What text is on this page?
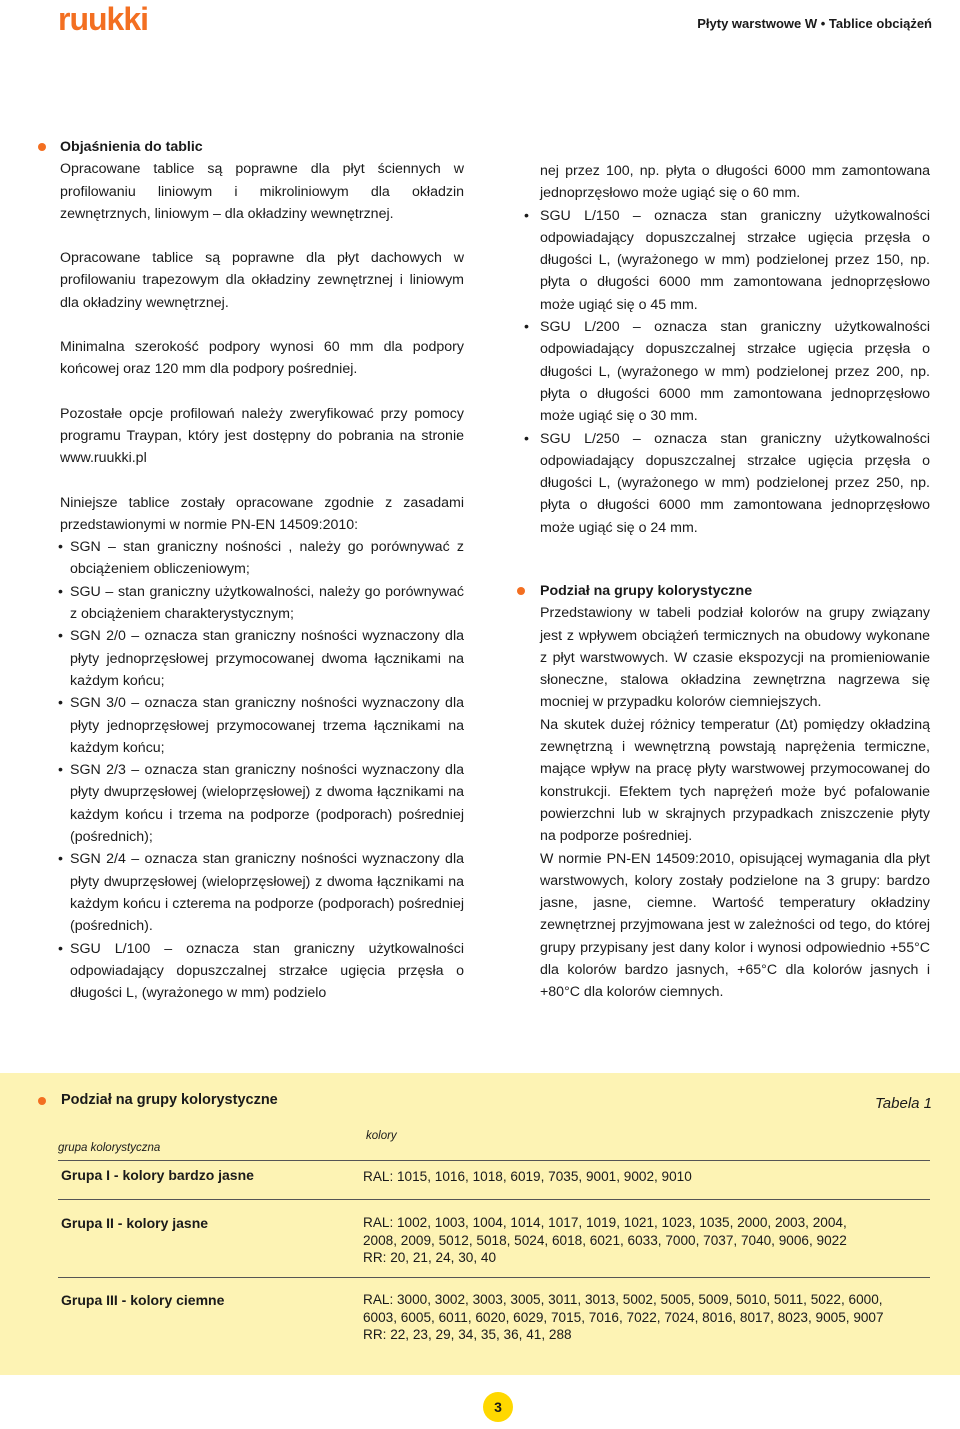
ruukki	Płyty warstwowe W • Tablice obciążeń

Objaśnienia do tablic

Opracowane tablice są poprawne dla płyt ściennych w profilowaniu liniowym i mikroliniowym dla okładzin zewnętrznych, liniowym – dla okładziny wewnętrznej.

Opracowane tablice są poprawne dla płyt dachowych w profilowaniu trapezowym dla okładziny zewnętrznej i liniowym dla okładziny wewnętrznej.

Minimalna szerokość podpory wynosi 60 mm dla podpory końcowej oraz 120 mm dla podpory pośredniej.

Pozostałe opcje profilowań należy zweryfikować przy pomocy programu Traypan, który jest dostępny do pobrania na stronie www.ruukki.pl

Niniejsze tablice zostały opracowane zgodnie z zasadami przedstawionymi w normie PN-EN 14509:2010:

• SGN – stan graniczny nośności , należy go porównywać z obciążeniem obliczeniowym;

• SGU – stan graniczny użytkowalności, należy go porównywać z obciążeniem charakterystycznym;

• SGN 2/0 – oznacza stan graniczny nośności wyznaczony dla płyty jednoprzęsłowej przymocowanej dwoma łącznikami na każdym końcu;

• SGN 3/0 – oznacza stan graniczny nośności wyznaczony dla płyty jednoprzęsłowej przymocowanej trzema łącznikami na każdym końcu;

• SGN 2/3 – oznacza stan graniczny nośności wyznaczony dla płyty dwuprzęsłowej (wieloprzęsłowej) z dwoma łącznikami na każdym końcu i trzema na podporze (podporach) pośredniej (pośrednich);

• SGN 2/4 – oznacza stan graniczny nośności wyznaczony dla płyty dwuprzęsłowej (wieloprzęsłowej) z dwoma łącznikami na każdym końcu i czterema na podporze (podporach) pośredniej (pośrednich).

• SGU L/100 – oznacza stan graniczny użytkowalności odpowiadający dopuszczalnej strzałce ugięcia przęsła o długości L, (wyrażonego w mm) podzielo

nej przez 100, np. płyta o długości 6000 mm zamontowana jednoprzęsłowo może ugiąć się o 60 mm.

• SGU L/150 – oznacza stan graniczny użytkowalności odpowiadający dopuszczalnej strzałce ugięcia przęsła o długości L, (wyrażonego w mm) podzielonej przez 150, np. płyta o długości 6000 mm zamontowana jednoprzęsłowo może ugiąć się o 45 mm.

• SGU L/200 – oznacza stan graniczny użytkowalności odpowiadający dopuszczalnej strzałce ugięcia przęsła o długości L, (wyrażonego w mm) podzielonej przez 200, np. płyta o długości 6000 mm zamontowana jednoprzęsłowo może ugiąć się o 30 mm.

• SGU L/250 – oznacza stan graniczny użytkowalności odpowiadający dopuszczalnej strzałce ugięcia przęsła o długości L, (wyrażonego w mm) podzielonej przez 250, np. płyta o długości 6000 mm zamontowana jednoprzęsłowo może ugiąć się o 24 mm.

Podział na grupy kolorystyczne

Przedstawiony w tabeli podział kolorów na grupy związany jest z wpływem obciążeń termicznych na obudowy wykonane z płyt warstwowych. W czasie ekspozycji na promieniowanie słoneczne, stalowa okładzina zewnętrzna nagrzewa się mocniej w przypadku kolorów ciemniejszych.

Na skutek dużej różnicy temperatur (Δt) pomiędzy okładziną zewnętrzną i wewnętrzną powstają naprężenia termiczne, mające wpływ na pracę płyty warstwowej przymocowanej do konstrukcji. Efektem tych naprężeń może być pofalowanie powierzchni lub w skrajnych przypadkach zniszczenie płyty na podporze pośredniej.

W normie PN-EN 14509:2010, opisującej wymagania dla płyt warstwowych, kolory zostały podzielone na 3 grupy: bardzo jasne, jasne, ciemne. Wartość temperatury okładziny zewnętrznej przyjmowana jest w zależności od tego, do której grupy przypisany jest dany kolor i wynosi odpowiednio +55°C dla kolorów bardzo jasnych, +65°C dla kolorów jasnych i +80°C dla kolorów ciemnych.

Podział na grupy kolorystyczne	Tabela 1
grupa kolorystyczna
kolory
Grupa I - kolory bardzo jasne	RAL: 1015, 1016, 1018, 6019, 7035, 9001, 9002, 9010
Grupa II - kolory jasne	RAL: 1002, 1003, 1004, 1014, 1017, 1019, 1021, 1023, 1035, 2000, 2003, 2004,
2008, 2009, 5012, 5018, 5024, 6018, 6021, 6033, 7000, 7037, 7040, 9006, 9022
RR: 20, 21, 24, 30, 40
Grupa III - kolory ciemne	RAL: 3000, 3002, 3003, 3005, 3011, 3013, 5002, 5005, 5009, 5010, 5011, 5022, 6000,
6003, 6005, 6011, 6020, 6029, 7015, 7016, 7022, 7024, 8016, 8017, 8023, 9005, 9007
RR: 22, 23, 29, 34, 35, 36, 41, 288
3
